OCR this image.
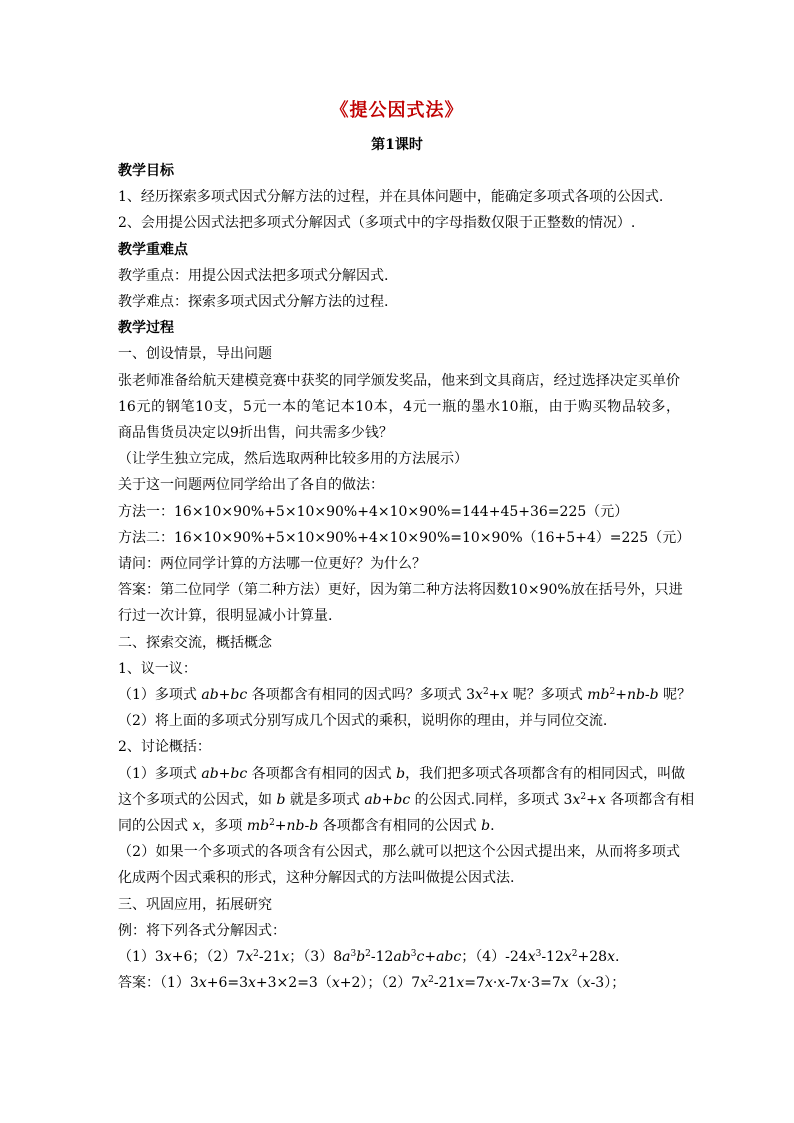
《提公因式法》
第1课时
教学目标
1、经历探索多项式因式分解方法的过程，并在具体问题中，能确定多项式各项的公因式.
2、会用提公因式法把多项式分解因式（多项式中的字母指数仅限于正整数的情况）.
教学重难点
教学重点：用提公因式法把多项式分解因式.
教学难点：探索多项式因式分解方法的过程.
教学过程
一、创设情景，导出问题
张老师准备给航天建模竞赛中获奖的同学颁发奖品，他来到文具商店，经过选择决定买单价
16元的钢笔10支，5元一本的笔记本10本，4元一瓶的墨水10瓶，由于购买物品较多，
商品售货员决定以9折出售，问共需多少钱？
（让学生独立完成，然后选取两种比较多用的方法展示）
关于这一问题两位同学给出了各自的做法：
方法一：16×10×90%+5×10×90%+4×10×90%=144+45+36=225（元）
方法二：16×10×90%+5×10×90%+4×10×90%=10×90%（16+5+4）=225（元）
请问：两位同学计算的方法哪一位更好？为什么？
答案：第二位同学（第二种方法）更好，因为第二种方法将因数10×90%放在括号外，只进
行过一次计算，很明显减小计算量.
二、探索交流，概括概念
1、议一议：
（1）多项式 ab+bc 各项都含有相同的因式吗？多项式 $3x^2+x$ 呢？多项式 $mb^2+nb-b$ 呢？
（2）将上面的多项式分别写成几个因式的乘积，说明你的理由，并与同位交流.
2、讨论概括：
（1）多项式 ab+bc 各项都含有相同的因式 b，我们把多项式各项都含有的相同因式，叫做
这个多项式的公因式，如 b 就是多项式 ab+bc 的公因式.同样，多项式 $3x^2+x$ 各项都含有相
同的公因式 x，多项 $mb^2+nb-b$ 各项都含有相同的公因式 b.
（2）如果一个多项式的各项含有公因式，那么就可以把这个公因式提出来，从而将多项式
化成两个因式乘积的形式，这种分解因式的方法叫做提公因式法.
三、巩固应用，拓展研究
例：将下列各式分解因式：
（1）3x+6；$(2)7x^2-21x$；$(3)8a^3b^2-12ab^3c+abc$；$(4)-24x^3-12x^2+28x$.
答案：（1）3x+6=3x+3×2=3（x+2）；$(2)7x^2-21x=7x\cdot x-7x\cdot 3=7x(x-3)$；
